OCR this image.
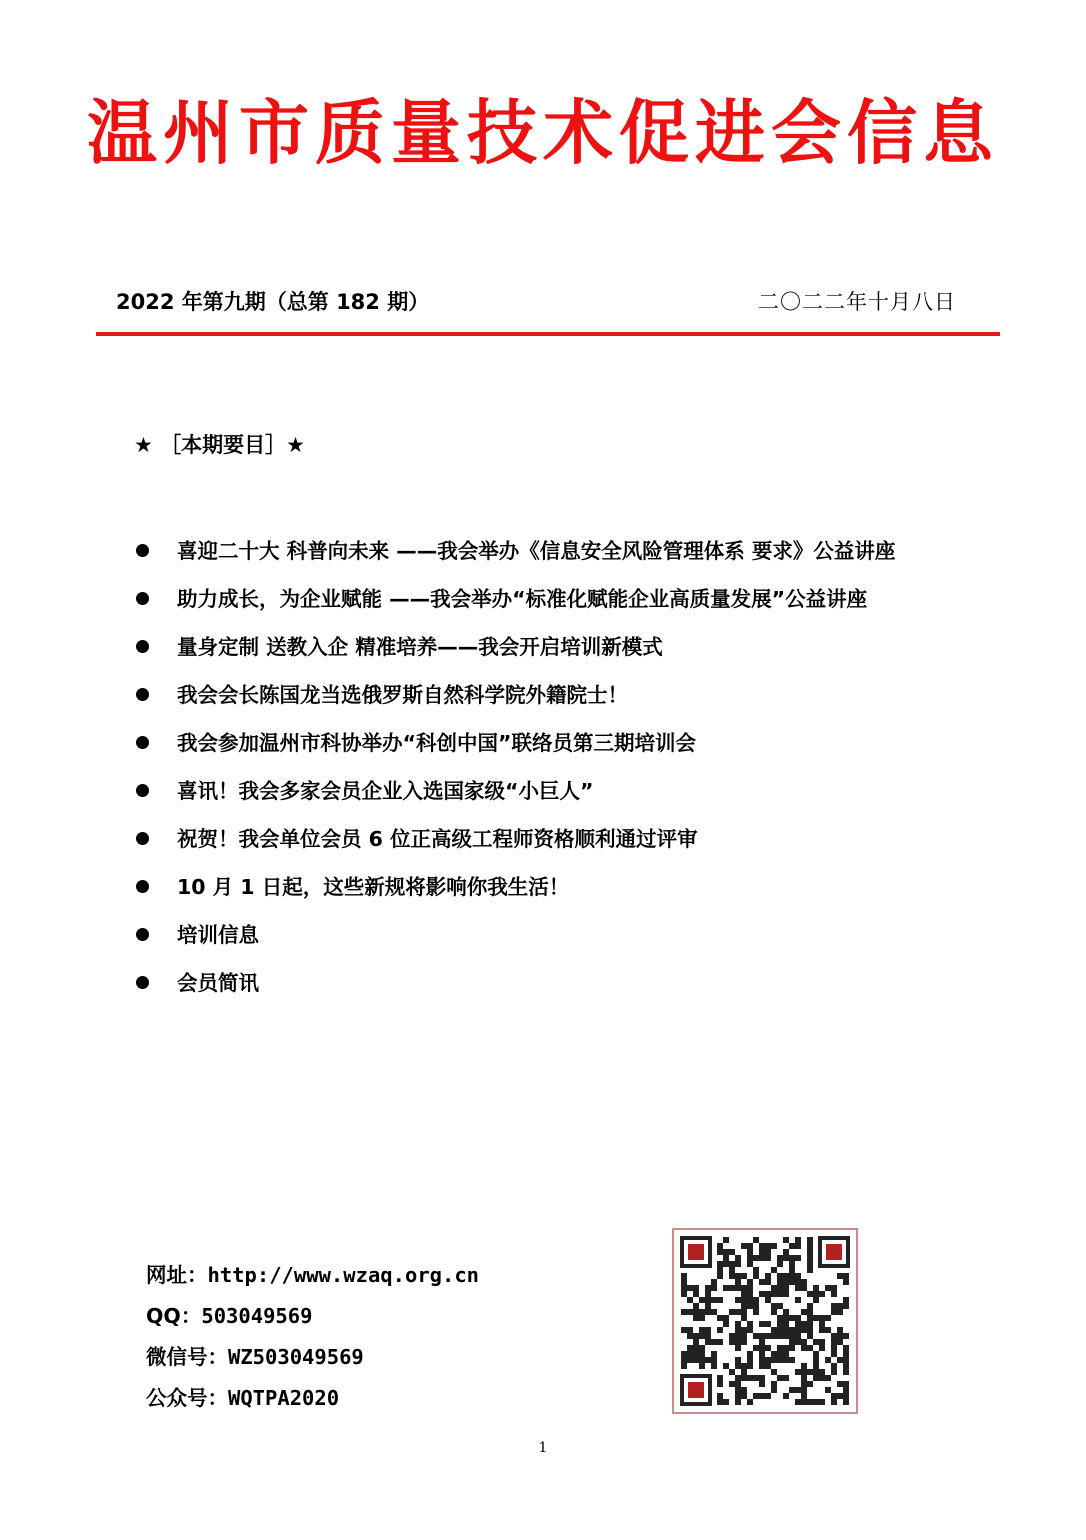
温州市质量技术促进会信息
2022 年第九期（总第 182 期）	二〇二二年十月八日
★ ［本期要目］★
喜迎二十大 科普向未来 ——我会举办《信息安全风险管理体系 要求》公益讲座
助力成长，为企业赋能 ——我会举办“标准化赋能企业高质量发展”公益讲座
量身定制 送教入企 精准培养——我会开启培训新模式
我会会长陈国龙当选俄罗斯自然科学院外籍院士！
我会参加温州市科协举办“科创中国”联络员第三期培训会
喜讯！我会多家会员企业入选国家级“小巨人”
祝贺！我会单位会员 6 位正高级工程师资格顺利通过评审
10 月 1 日起，这些新规将影响你我生活！
培训信息
会员简讯
网址：http://www.wzaq.org.cn
QQ：503049569
微信号：WZ503049569
公众号：WQTPA2020
1
